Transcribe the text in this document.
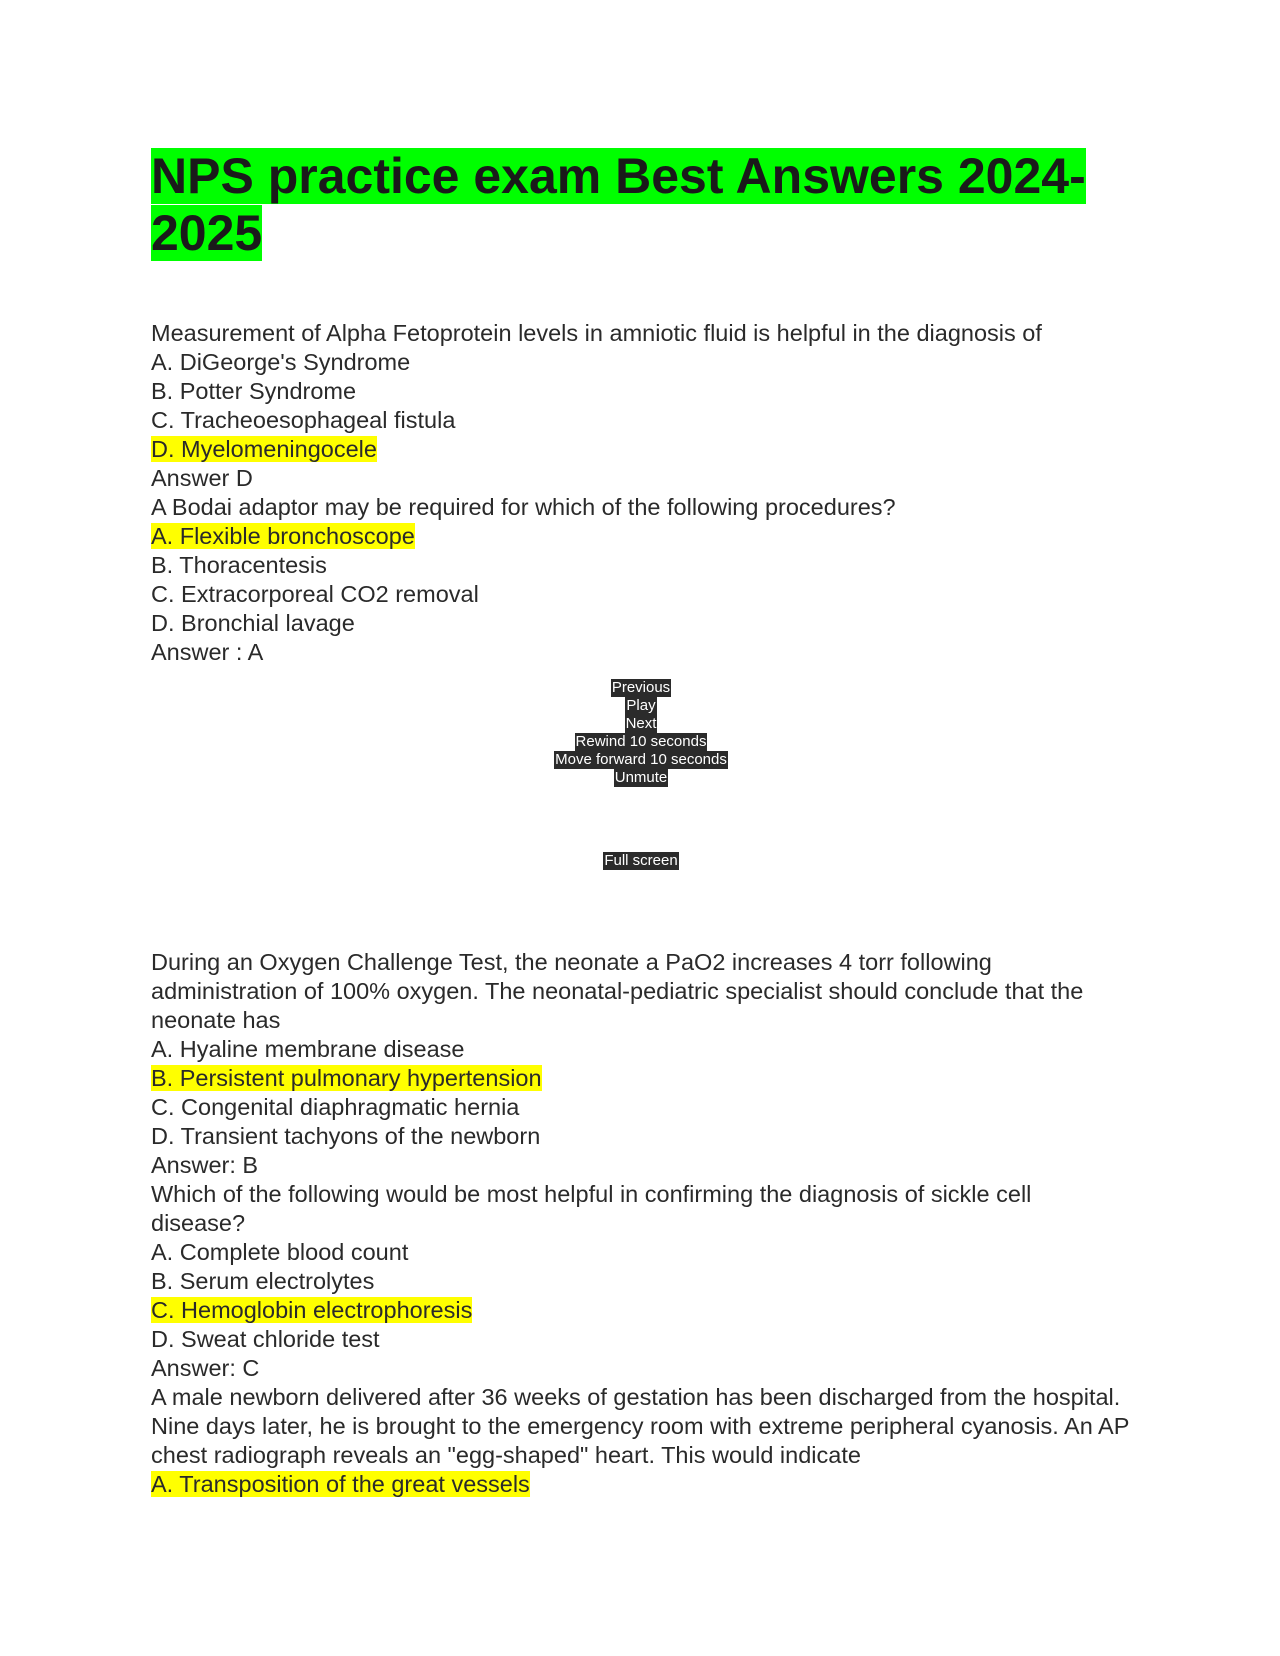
NPS practice exam Best Answers 2024-2025
Measurement of Alpha Fetoprotein levels in amniotic fluid is helpful in the diagnosis of
A. DiGeorge's Syndrome
B. Potter Syndrome
C. Tracheoesophageal fistula
D. Myelomeningocele
Answer D
A Bodai adaptor may be required for which of the following procedures?
A. Flexible bronchoscope
B. Thoracentesis
C. Extracorporeal CO2 removal
D. Bronchial lavage
Answer : A
Previous
Play
Next
Rewind 10 seconds
Move forward 10 seconds
Unmute
Full screen
During an Oxygen Challenge Test, the neonate a PaO2 increases 4 torr following administration of 100% oxygen. The neonatal-pediatric specialist should conclude that the neonate has
A. Hyaline membrane disease
B. Persistent pulmonary hypertension
C. Congenital diaphragmatic hernia
D. Transient tachyons of the newborn
Answer: B
Which of the following would be most helpful in confirming the diagnosis of sickle cell disease?
A. Complete blood count
B. Serum electrolytes
C. Hemoglobin electrophoresis
D. Sweat chloride test
Answer: C
A male newborn delivered after 36 weeks of gestation has been discharged from the hospital. Nine days later, he is brought to the emergency room with extreme peripheral cyanosis. An AP chest radiograph reveals an "egg-shaped" heart. This would indicate
A. Transposition of the great vessels
